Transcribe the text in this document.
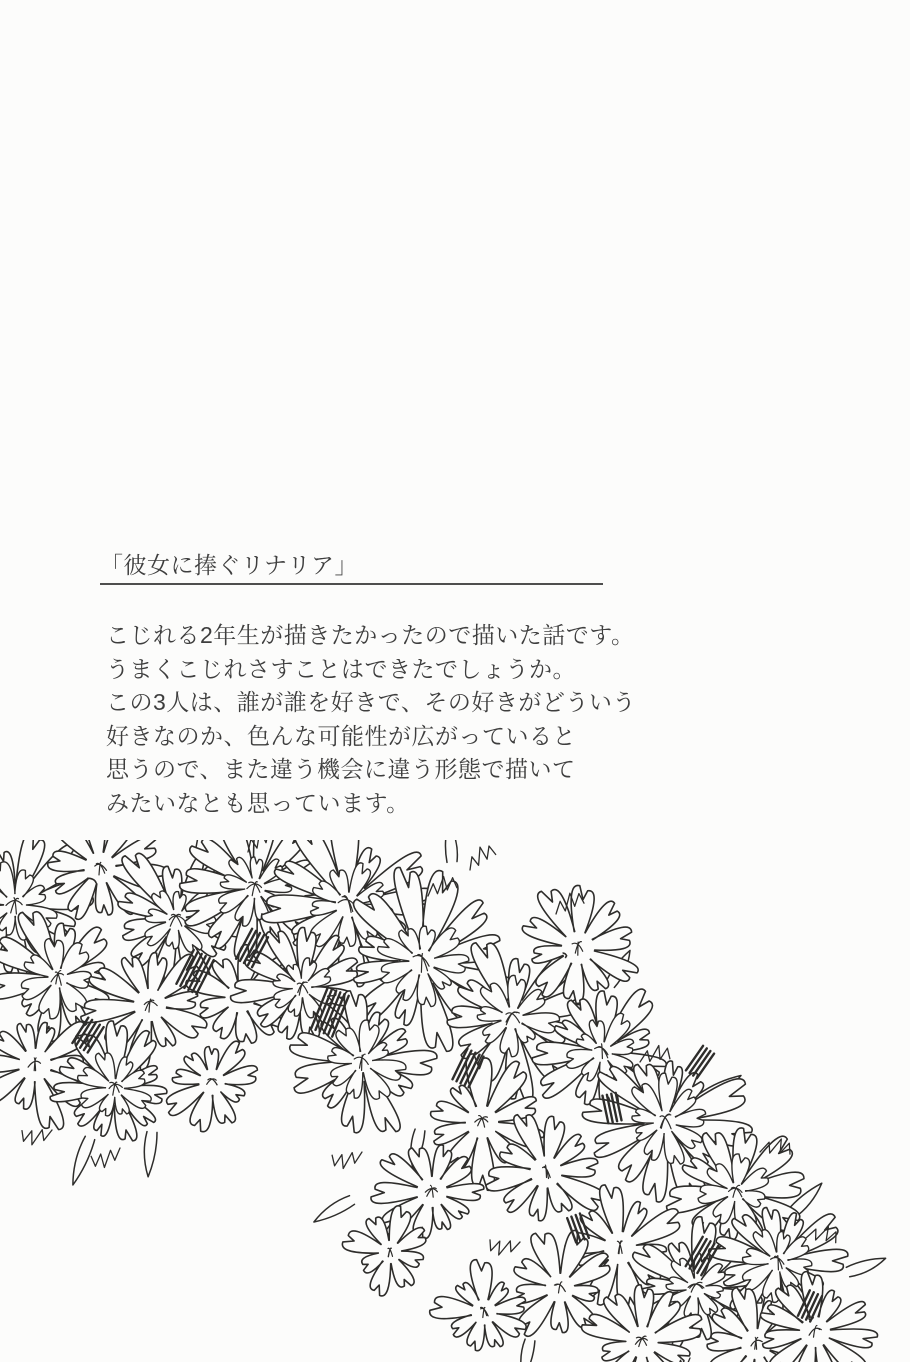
「彼女に捧ぐリナリア」
こじれる2年生が描きたかったので描いた話です。
うまくこじれさすことはできたでしょうか。
この3人は、誰が誰を好きで、その好きがどういう
好きなのか、色んな可能性が広がっていると
思うので、また違う機会に違う形態で描いて
みたいなとも思っています。
